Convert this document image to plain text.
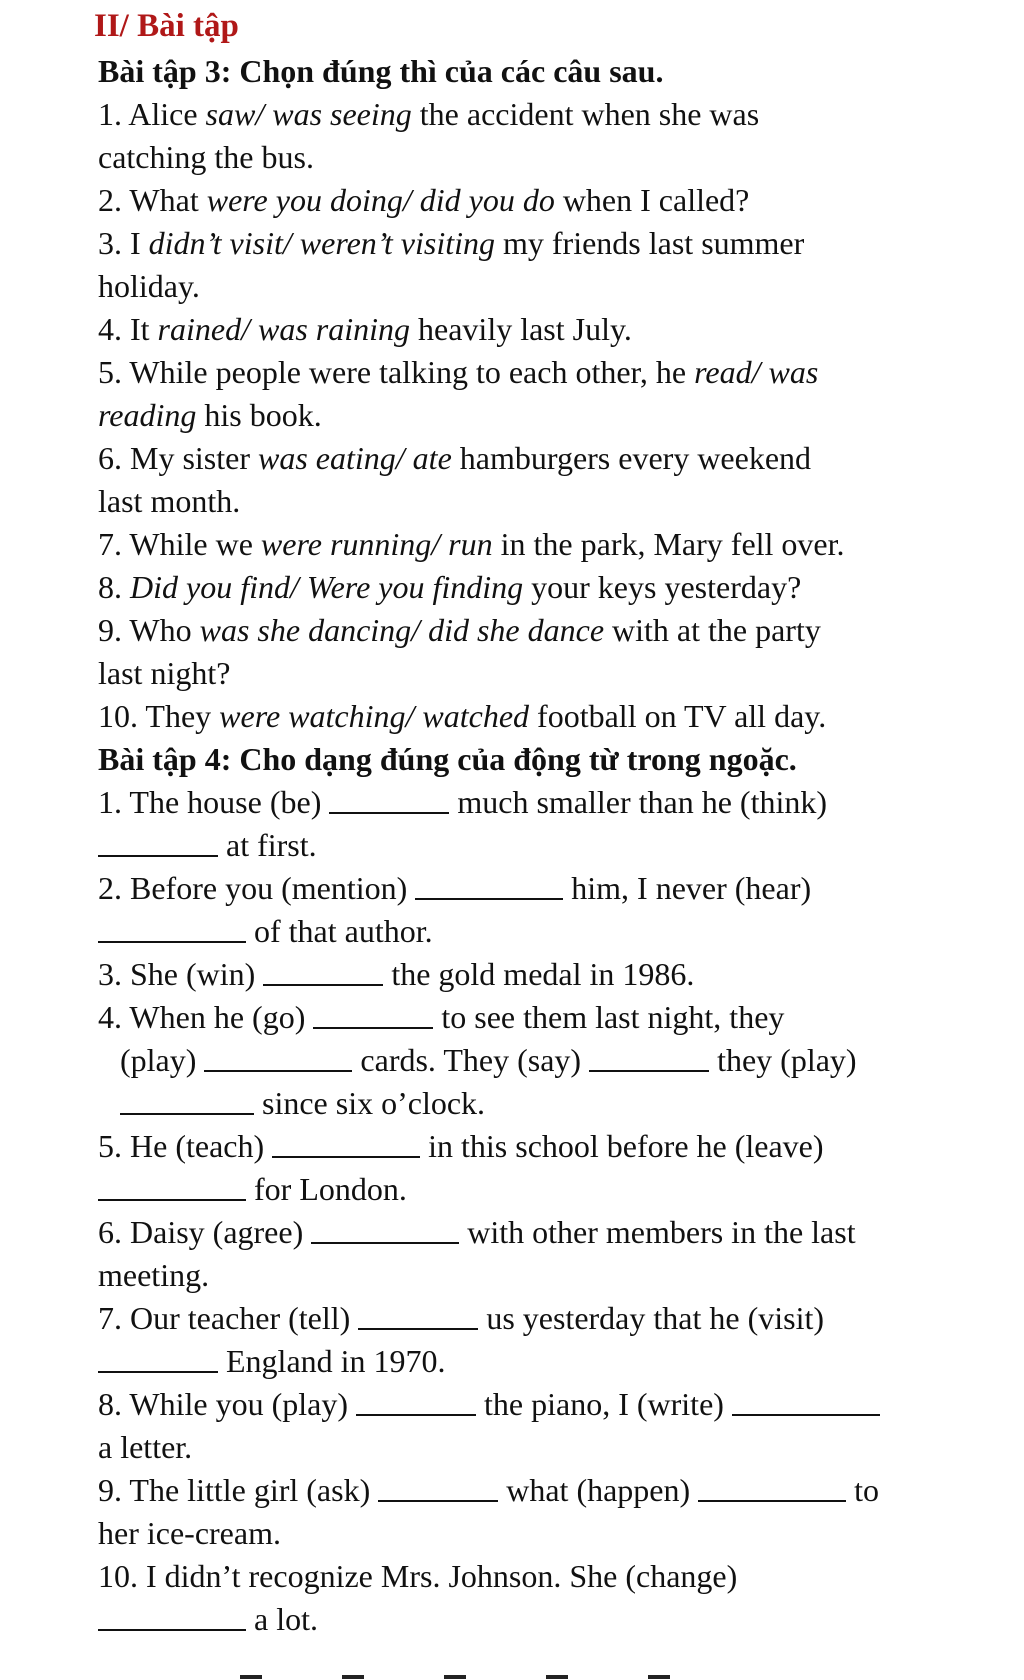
II/ Bài tập

Bài tập 3: Chọn đúng thì của các câu sau.

1. Alice saw/ was seeing the accident when she was

catching the bus.

2. What were you doing/ did you do when I called?

3. I didn’t visit/ weren’t visiting my friends last summer

holiday.

4. It rained/ was raining heavily last July.

5. While people were talking to each other, he read/ was

reading his book.

6. My sister was eating/ ate hamburgers every weekend

last month.

7. While we were running/ run in the park, Mary fell over.

8. Did you find/ Were you finding your keys yesterday?

9. Who was she dancing/ did she dance with at the party

last night?

10. They were watching/ watched football on TV all day.

Bài tập 4: Cho dạng đúng của động từ trong ngoặc.

1. The house (be)	much smaller than he (think)

at first.

2. Before you (mention)	him, I never (hear)

of that author.

3. She (win)	the gold medal in 1986.

4. When he (go)	to see them last night, they

(play)	cards. They (say)	they (play)

since six o’clock.

5. He (teach)	in this school before he (leave)

for London.

6. Daisy (agree)	with other members in the last

meeting.

7. Our teacher (tell)	us yesterday that he (visit)

England in 1970.

8. While you (play)	the piano, I (write)

a letter.

9. The little girl (ask)	what (happen)	to

her ice-cream.

10. I didn’t recognize Mrs. Johnson. She (change)

a lot.
